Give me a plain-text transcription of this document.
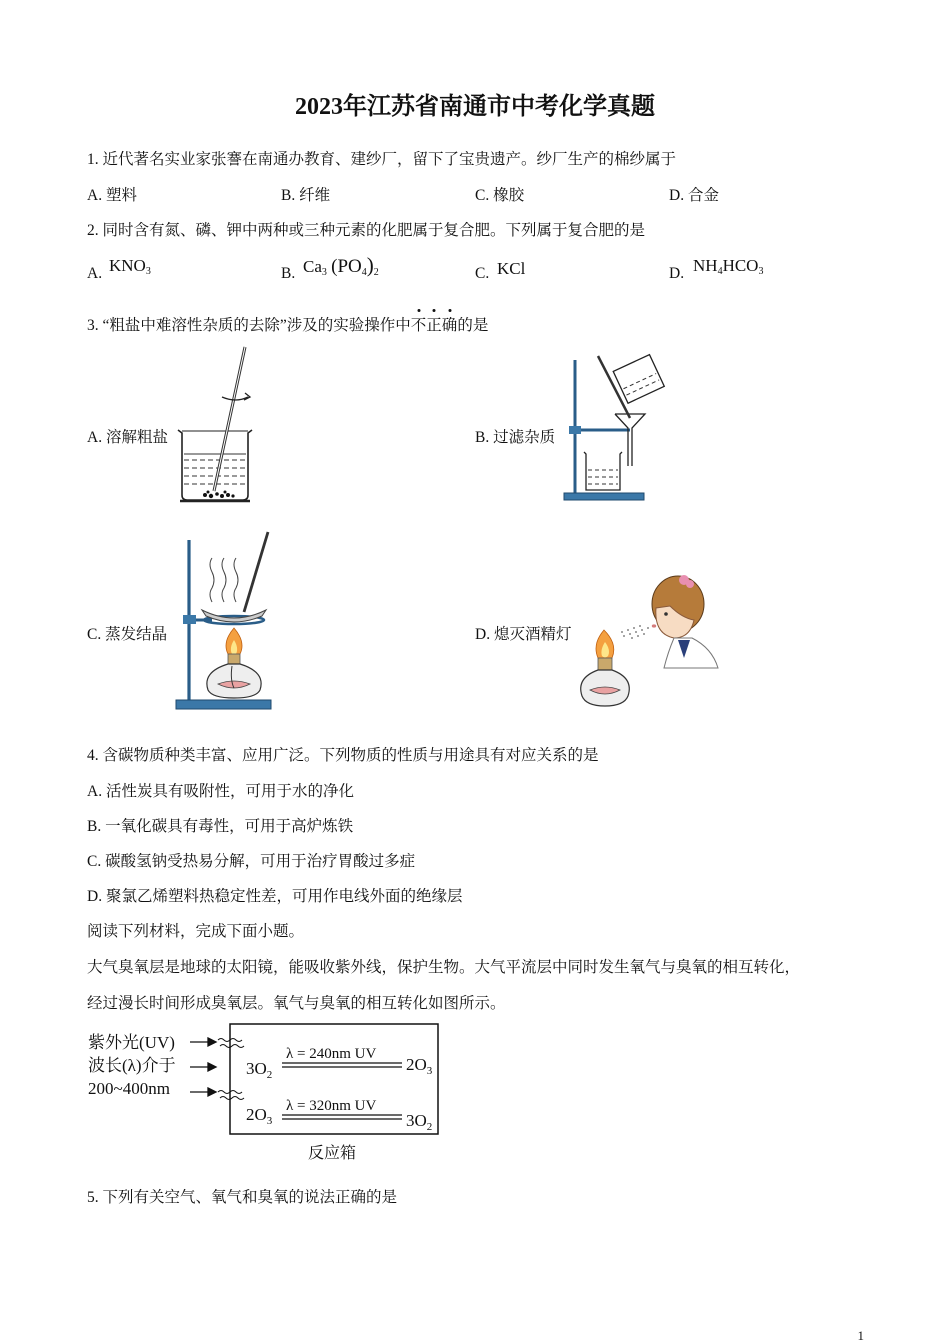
2023年江苏省南通市中考化学真题
1. 近代著名实业家张謇在南通办教育、建纱厂，留下了宝贵遗产。纱厂生产的棉纱属于
A. 塑料	B. 纤维	C. 橡胶	D. 合金
2. 同时含有氮、磷、钾中两种或三种元素的化肥属于复合肥。下列属于复合肥的是
A. $KNO_3$	B. $Ca_3$ $(PO_4)_2$	C. KCl	D. $NH_4HCO_3$
3. “粗盐中难溶性杂质的去除”涉及的实验操作中不正确的是
A. 溶解粗盐	B. 过滤杂质
C. 蒸发结晶	D. 熄灭酒精灯
4. 含碳物质种类丰富、应用广泛。下列物质的性质与用途具有对应关系的是
A. 活性炭具有吸附性，可用于水的净化
B. 一氧化碳具有毒性，可用于高炉炼铁
C. 碳酸氢钠受热易分解，可用于治疗胃酸过多症
D. 聚氯乙烯塑料热稳定性差，可用作电线外面的绝缘层
阅读下列材料，完成下面小题。
大气臭氧层是地球的太阳镜，能吸收紫外线，保护生物。大气平流层中同时发生氧气与臭氧的相互转化，
经过漫长时间形成臭氧层。氧气与臭氧的相互转化如图所示。
紫外光(UV)
波长(λ)介于
200~400nm
$3O_2$
λ = 240nm UV
$2O_3$
$2O_3$
λ = 320nm UV
$3O_2$
反应箱
5. 下列有关空气、氧气和臭氧的说法正确的是
1
